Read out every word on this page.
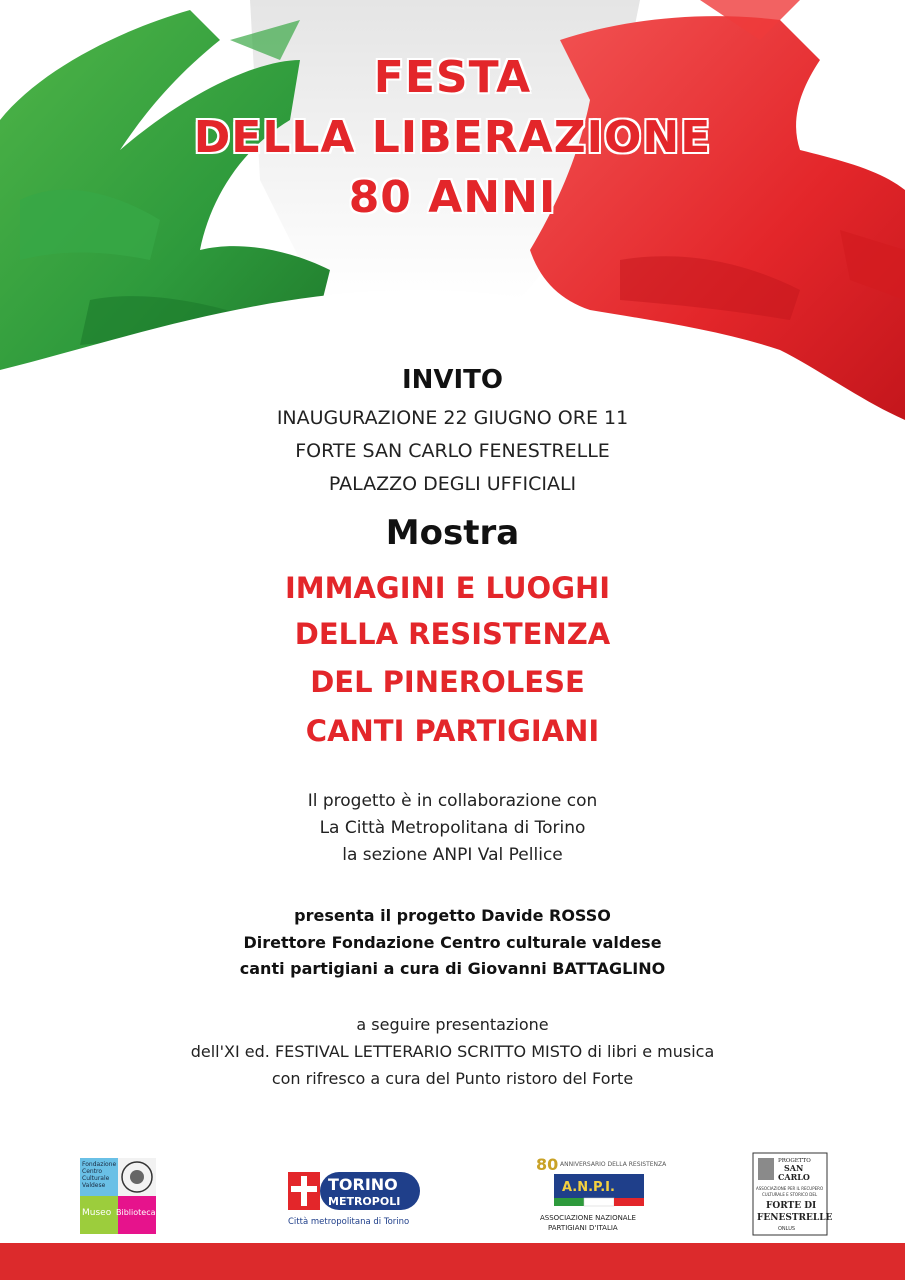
FESTA
DELLA LIBERAZIONE
80 ANNI
INVITO
INAUGURAZIONE 22 GIUGNO ORE 11
FORTE SAN CARLO FENESTRELLE
PALAZZO DEGLI UFFICIALI
Mostra
IMMAGINI E LUOGHI
DELLA RESISTENZA
DEL PINEROLESE
CANTI PARTIGIANI
Il progetto è in collaborazione con
La Città Metropolitana di Torino
la sezione ANPI Val Pellice
presenta il progetto Davide ROSSO
Direttore Fondazione Centro culturale valdese
canti partigiani a cura di Giovanni BATTAGLINO
a seguire presentazione
dell'XI ed. FESTIVAL LETTERARIO SCRITTO MISTO di libri e musica
con rifresco a cura del Punto ristoro del Forte
Fondazione
Centro
Culturale
Valdese
Museo Biblioteca
TORINO
METROPOLI
Città metropolitana di Torino
80 ANNIVERSARIO DELLA RESISTENZA
A.N.P.I.
ASSOCIAZIONE NAZIONALE
PARTIGIANI D'ITALIA
PROGETTO
SAN
CARLO
ASSOCIAZIONE PER IL RECUPERO
CULTURALE E STORICO DEL
FORTE DI
FENESTRELLE
ONLUS
